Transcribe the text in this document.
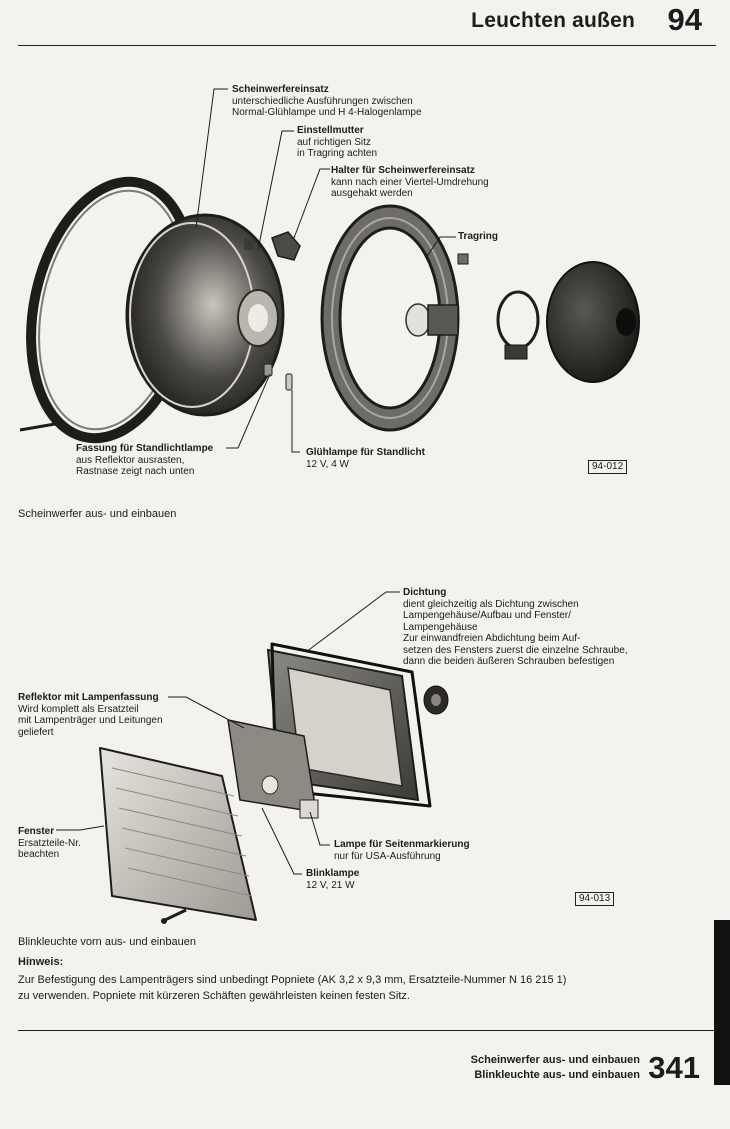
Leuchten außen 94
Scheinwerfereinsatz
unterschiedliche Ausführungen zwischen
Normal-Glühlampe und H 4-Halogenlampe
Einstellmutter
auf richtigen Sitz
in Tragring achten
Halter für Scheinwerfereinsatz
kann nach einer Viertel-Umdrehung
ausgehakt werden
Tragring
Fassung für Standlichtlampe
aus Reflektor ausrasten,
Rastnase zeigt nach unten
Glühlampe für Standlicht
12 V, 4 W	94-012
Scheinwerfer aus- und einbauen
Dichtung
dient gleichzeitig als Dichtung zwischen
Lampengehäuse/Aufbau und Fenster/
Lampengehäuse
Zur einwandfreien Abdichtung beim Auf-
setzen des Fensters zuerst die einzelne Schraube,
dann die beiden äußeren Schrauben befestigen
Reflektor mit Lampenfassung
Wird komplett als Ersatzteil
mit Lampenträger und Leitungen
geliefert
Fenster
Ersatzteile-Nr.
beachten
Lampe für Seitenmarkierung
nur für USA-Ausführung
Blinklampe
12 V, 21 W
94-013
Blinkleuchte vorn aus- und einbauen
Hinweis:
Zur Befestigung des Lampenträgers sind unbedingt Popniete (AK 3,2 x 9,3 mm, Ersatzteile-Nummer N 16 215 1)
zu verwenden. Popniete mit kürzeren Schäften gewährleisten keinen festen Sitz.
Scheinwerfer aus- und einbauen
Blinkleuchte aus- und einbauen 341
